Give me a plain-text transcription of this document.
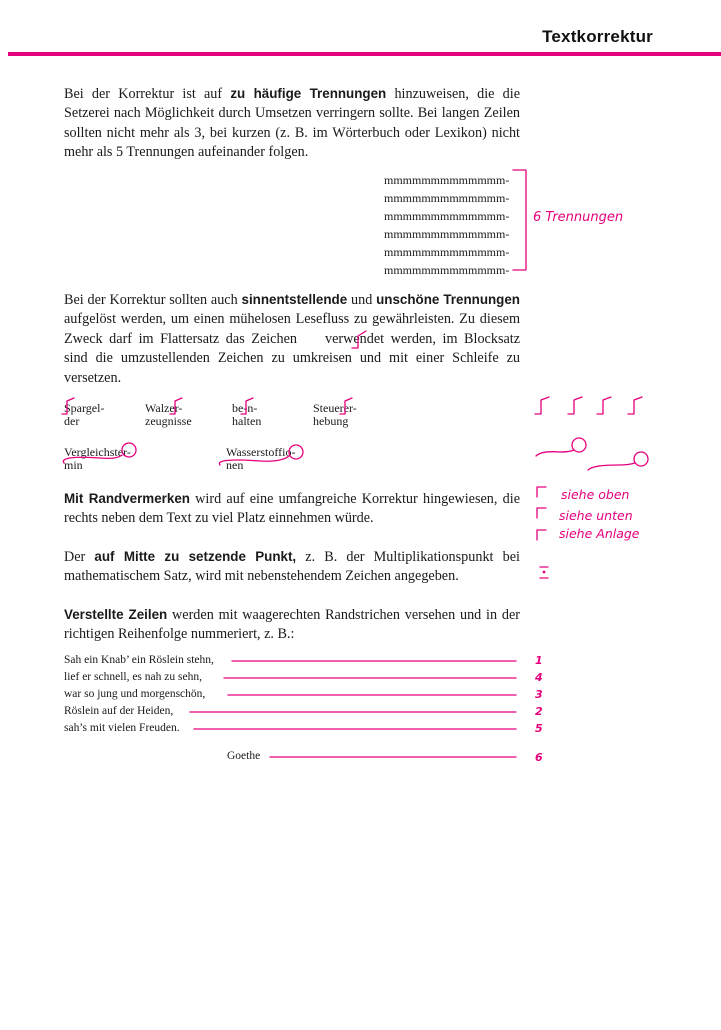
Textkorrektur
Bei der Korrektur ist auf zu häufige Trennungen hinzuweisen, die die Setzerei nach Möglichkeit durch Umsetzen verringern sollte. Bei langen Zeilen sollten nicht mehr als 3, bei kurzen (z. B. im Wörterbuch oder Lexikon) nicht mehr als 5 Trennungen aufeinander folgen.
mmmmmmmmmmmmm-
mmmmmmmmmmmmm-
mmmmmmmmmmmmm-
mmmmmmmmmmmmm-
mmmmmmmmmmmmm-
mmmmmmmmmmmmm-
6 Trennungen
Bei der Korrektur sollten auch sinnentstellende und unschöne Trennungen aufgelöst werden, um einen mühelosen Lesefluss zu gewährleisten. Zu diesem Zweck darf im Flattersatz das Zeichen verwendet werden, im Blocksatz sind die umzustellenden Zeichen zu umkreisen und mit einer Schleife zu versetzen.
Spargel-
der
Walzer-
zeugnisse
be-n-
halten
Steuerer-
hebung
Vergleichster-
min
Wasserstoffio-
nen
Mit Randvermerken wird auf eine umfangreiche Korrektur hingewiesen, die rechts neben dem Text zu viel Platz einnehmen würde.
siehe oben
siehe unten
siehe Anlage
Der auf Mitte zu setzende Punkt, z. B. der Multiplikationspunkt bei mathematischem Satz, wird mit nebenstehendem Zeichen angegeben.
Verstellte Zeilen werden mit waagerechten Randstrichen versehen und in der richtigen Reihenfolge nummeriert, z. B.:
Sah ein Knab’ ein Röslein stehn,
lief er schnell, es nah zu sehn,
war so jung und morgenschön,
Röslein auf der Heiden,
sah’s mit vielen Freuden.
Goethe
1
4
3
2
5
6
